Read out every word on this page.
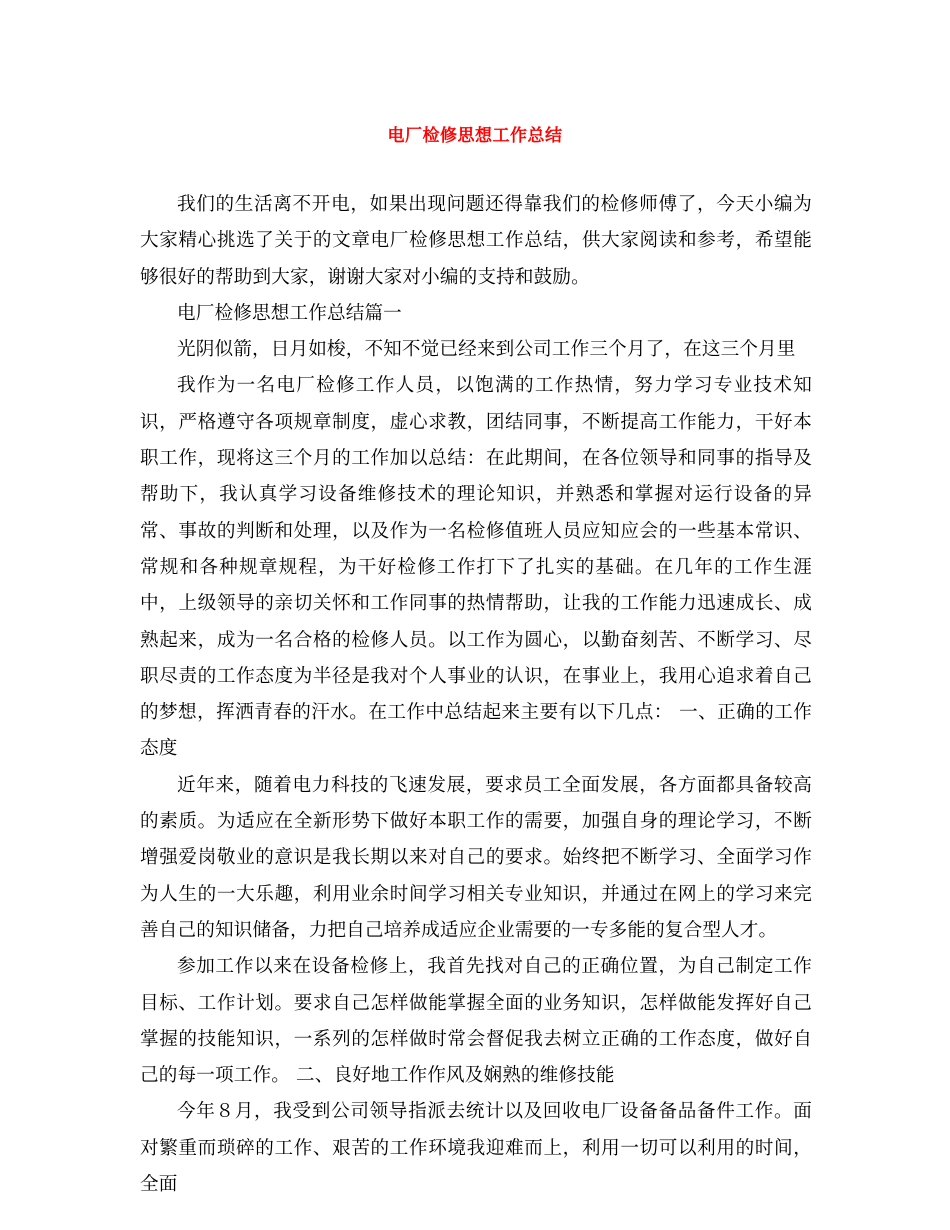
电厂检修思想工作总结

我们的生活离不开电，如果出现问题还得靠我们的检修师傅了，今天小编为大家精心挑选了关于的文章电厂检修思想工作总结，供大家阅读和参考，希望能够很好的帮助到大家，谢谢大家对小编的支持和鼓励。

电厂检修思想工作总结篇一

光阴似箭，日月如梭，不知不觉已经来到公司工作三个月了，在这三个月里

我作为一名电厂检修工作人员，以饱满的工作热情，努力学习专业技术知识，严格遵守各项规章制度，虚心求教，团结同事，不断提高工作能力，干好本职工作，现将这三个月的工作加以总结：在此期间，在各位领导和同事的指导及帮助下，我认真学习设备维修技术的理论知识，并熟悉和掌握对运行设备的异常、事故的判断和处理，以及作为一名检修值班人员应知应会的一些基本常识、常规和各种规章规程，为干好检修工作打下了扎实的基础。在几年的工作生涯中，上级领导的亲切关怀和工作同事的热情帮助，让我的工作能力迅速成长、成熟起来，成为一名合格的检修人员。以工作为圆心，以勤奋刻苦、不断学习、尽职尽责的工作态度为半径是我对个人事业的认识，在事业上，我用心追求着自己的梦想，挥洒青春的汗水。在工作中总结起来主要有以下几点： 一、正确的工作态度

近年来，随着电力科技的飞速发展，要求员工全面发展，各方面都具备较高的素质。为适应在全新形势下做好本职工作的需要，加强自身的理论学习，不断增强爱岗敬业的意识是我长期以来对自己的要求。始终把不断学习、全面学习作为人生的一大乐趣，利用业余时间学习相关专业知识，并通过在网上的学习来完善自己的知识储备，力把自己培养成适应企业需要的一专多能的复合型人才。

参加工作以来在设备检修上，我首先找对自己的正确位置，为自己制定工作目标、工作计划。要求自己怎样做能掌握全面的业务知识，怎样做能发挥好自己掌握的技能知识，一系列的怎样做时常会督促我去树立正确的工作态度，做好自己的每一项工作。 二、良好地工作作风及娴熟的维修技能

今年８月，我受到公司领导指派去统计以及回收电厂设备备品备件工作。面对繁重而琐碎的工作、艰苦的工作环境我迎难而上，利用一切可以利用的时间，全面
